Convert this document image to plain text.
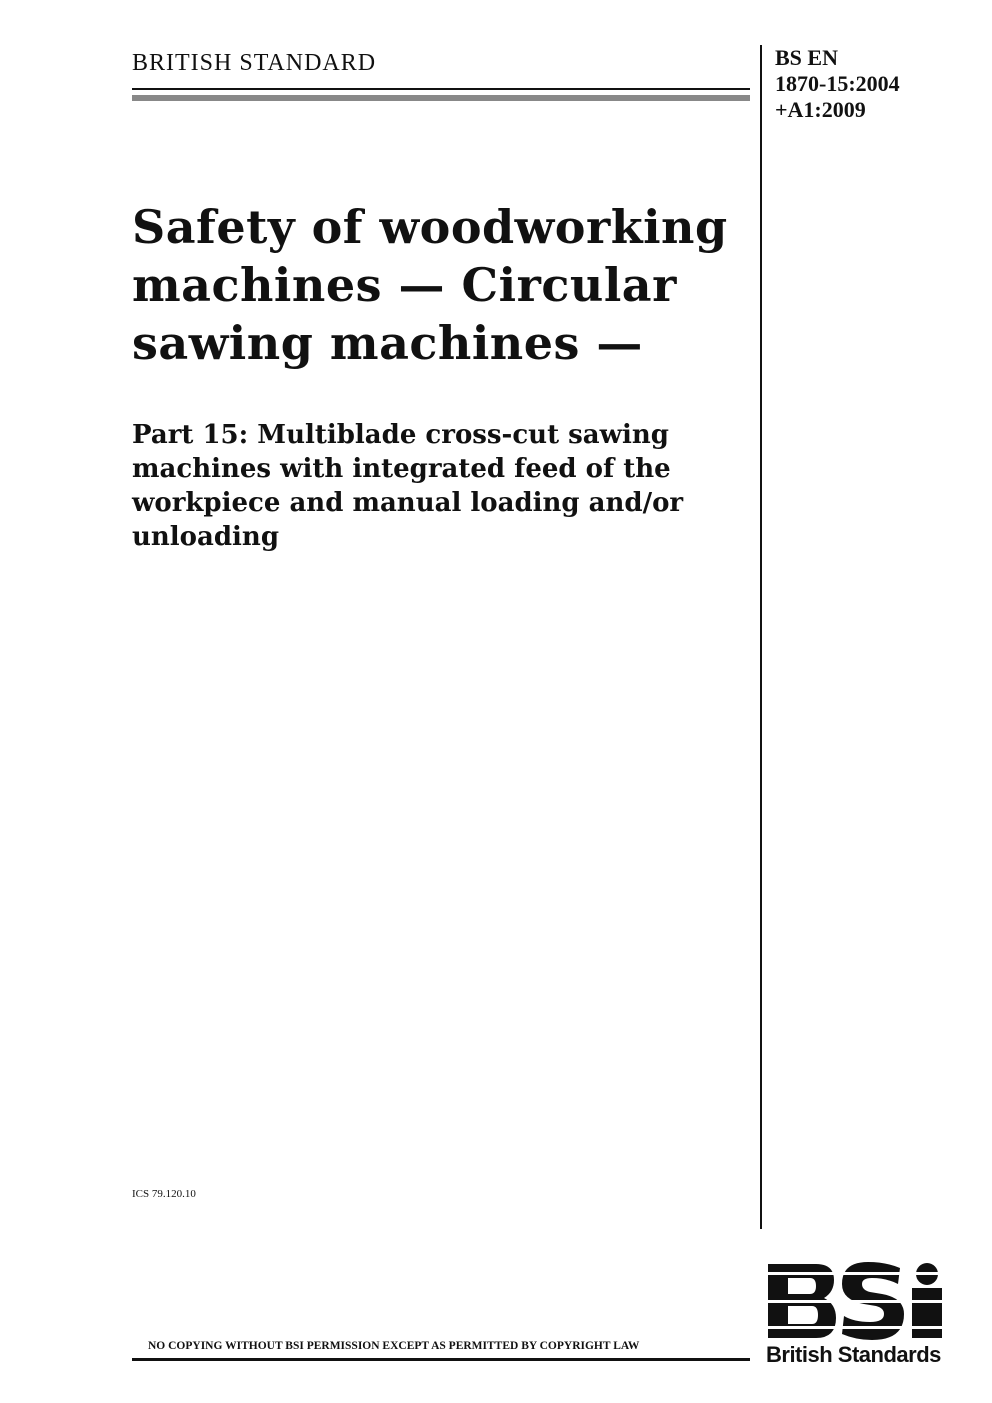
BRITISH STANDARD	BS EN
1870-15:2004
+A1:2009
Safety of woodworking
machines — Circular
sawing machines —
Part 15: Multiblade cross-cut sawing
machines with integrated feed of the
workpiece and manual loading and/or
unloading
ICS 79.120.10
NO COPYING WITHOUT BSI PERMISSION EXCEPT AS PERMITTED BY COPYRIGHT LAW	British Standards
